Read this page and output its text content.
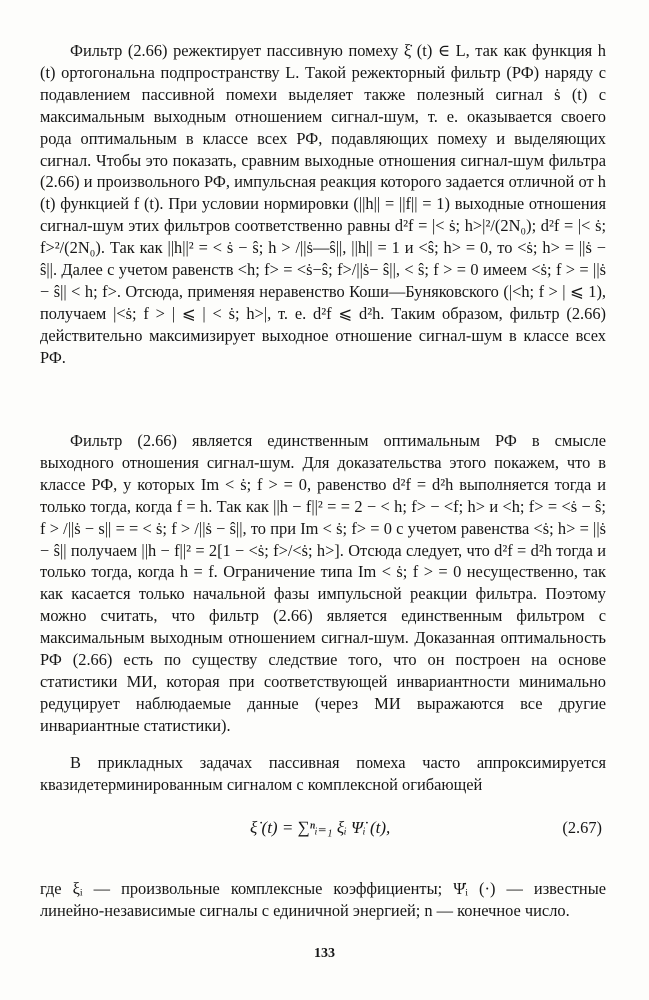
Фильтр (2.66) режектирует пассивную помеху ξ̇ (t) ∈ L, так как функция h (t) ортогональна подпространству L. Такой режекторный фильтр (РФ) наряду с подавлением пассивной помехи выделяет также полезный сигнал ṡ (t) с максимальным выходным отношением сигнал-шум, т. е. оказывается своего рода оптимальным в классе всех РФ, подавляющих помеху и выделяющих сигнал. Чтобы это показать, сравним выходные отношения сигнал-шум фильтра (2.66) и произвольного РФ, импульсная реакция которого задается отличной от h (t) функцией f (t). При условии нормировки (||h|| = ||f|| = 1) выходные отношения сигнал-шум этих фильтров соответственно равны d²f = |< ṡ; h>|²/(2N₀); d²f = |< ṡ; f>²/(2N₀). Так как ||h||² = < ṡ − ŝ; h > /||ṡ—ŝ||, ||h|| = 1 и <ŝ; h> = 0, то <ṡ; h> = ||ṡ − ŝ||. Далее с учетом равенств <h; f> = <ṡ−ŝ; f>/||ṡ− ŝ||, < ŝ; f > = 0 имеем <ṡ; f > = ||ṡ − ŝ|| < h; f>. Отсюда, применяя неравенство Коши—Буняковского (|<h; f > | ⩽ 1), получаем |<ṡ; f > | ⩽ | < ṡ; h>|, т. е. d²f ⩽ d²h. Таким образом, фильтр (2.66) действительно максимизирует выходное отношение сигнал-шум в классе всех РФ.

Фильтр (2.66) является единственным оптимальным РФ в смысле выходного отношения сигнал-шум. Для доказательства этого покажем, что в классе РФ, у которых Im < ṡ; f > = 0, равенство d²f = d²h выполняется тогда и только тогда, когда f = h. Так как ||h − f||² = = 2 − < h; f> − <f; h> и <h; f> = <ṡ − ŝ; f > /||ṡ − s|| = = < ṡ; f > /||ṡ − ŝ||, то при Im < ṡ; f> = 0 с учетом равенства <ṡ; h> = ||ṡ − ŝ|| получаем ||h − f||² = 2[1 − <ṡ; f>/<ṡ; h>]. Отсюда следует, что d²f = d²h тогда и только тогда, когда h = f. Ограничение типа Im < ṡ; f > = 0 несущественно, так как касается только начальной фазы импульсной реакции фильтра. Поэтому можно считать, что фильтр (2.66) является единственным фильтром с максимальным выходным отношением сигнал-шум. Доказанная оптимальность РФ (2.66) есть по существу следствие того, что он построен на основе статистики МИ, которая при соответствующей инвариантности минимально редуцирует наблюдаемые данные (через МИ выражаются все другие инвариантные статистики).

В прикладных задачах пассивная помеха часто аппроксимируется квазидетерминированным сигналом с комплексной огибающей

ξ̇ (t) = ∑ⁿᵢ₌₁ ξᵢ Ψ̇ᵢ (t),	(2.67)

где ξᵢ — произвольные комплексные коэффициенты; Ψ̇ᵢ (·) — известные линейно-независимые сигналы с единичной энергией; n — конечное число.

133
